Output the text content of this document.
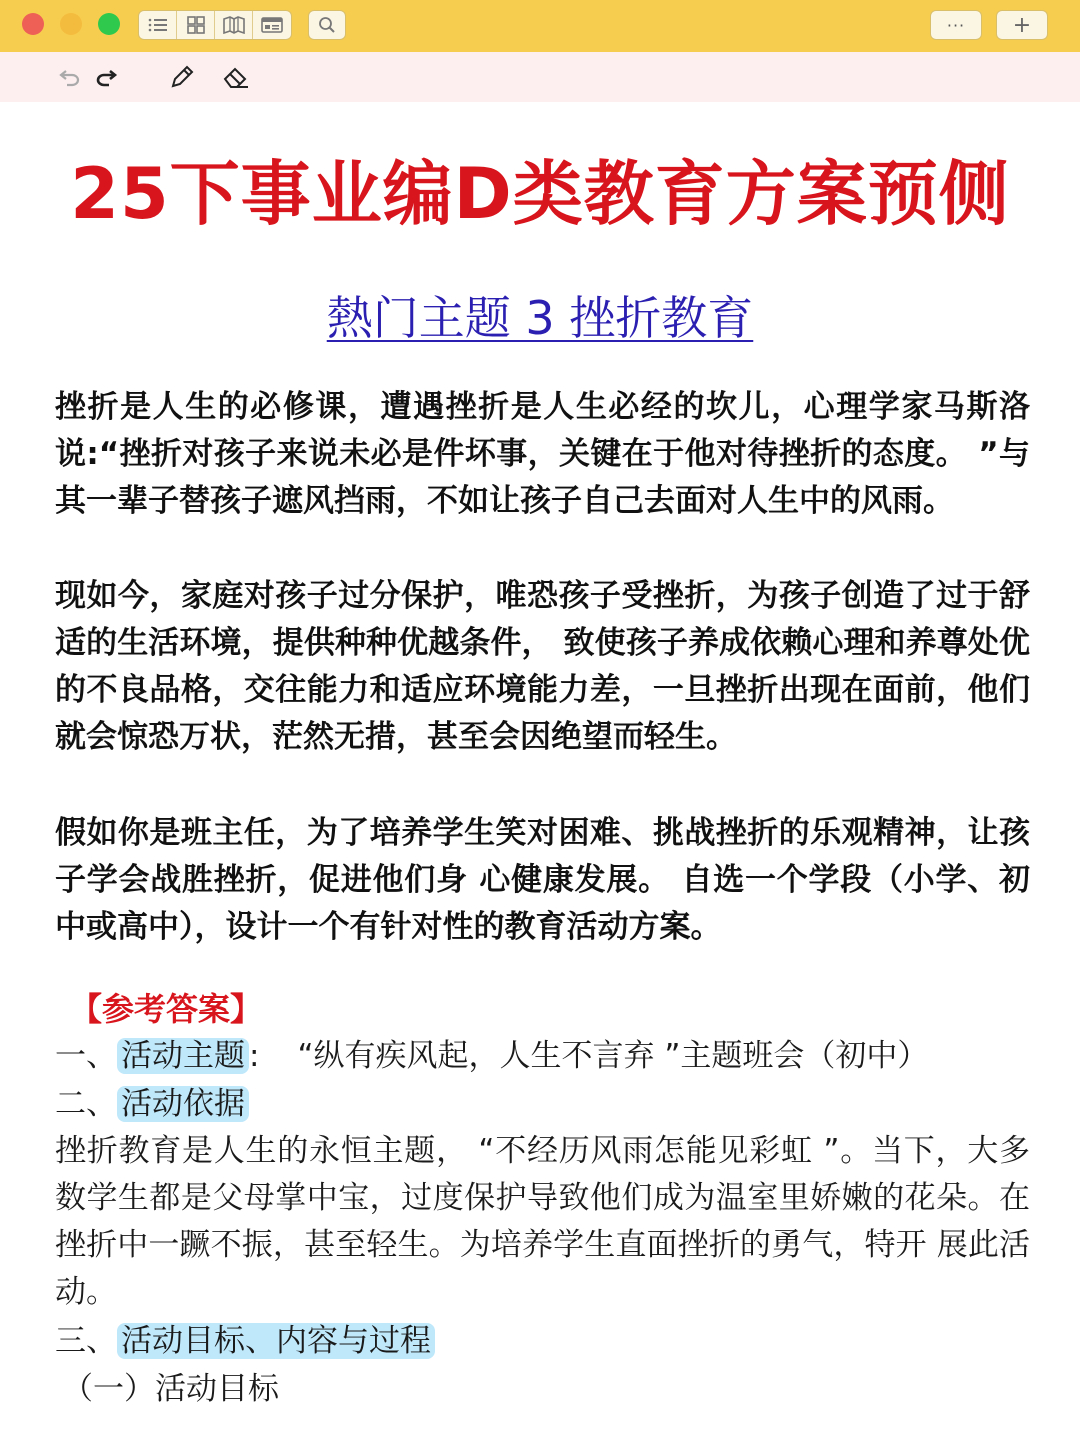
···	+
25下事业编D类教育方案预侧
熱门主题 3 挫折教育

挫折是人生的必修课，遭遇挫折是人生必经的坎儿，心理学家马斯洛说:“挫折对孩子来说未必是件坏事，关键在于他对待挫折的态度。 ”与其一辈子替孩子遮风挡雨，不如让孩子自己去面对人生中的风雨。

现如今，家庭对孩子过分保护，唯恐孩子受挫折，为孩子创造了过于舒适的生活环境，提供种种优越条件， 致使孩子养成依赖心理和养尊处优的不良品格，交往能力和适应环境能力差，一旦挫折出现在面前，他们 就会惊恐万状，茫然无措，甚至会因绝望而轻生。

假如你是班主任，为了培养学生笑对困难、挑战挫折的乐观精神，让孩子学会战胜挫折，促进他们身 心健康发展。 自选一个学段（小学、初中或高中），设计一个有针对性的教育活动方案。

【参考答案】
一、 活动主题 : “纵有疾风起，人生不言弃 ”主题班会（初中）
二、 活动依据

挫折教育是人生的永恒主题， “不经历风雨怎能见彩虹 ”。当下，大多数学生都是父母掌中宝，过度保护导致他们成为温室里娇嫩的花朵。在挫折中一蹶不振，甚至轻生。为培养学生直面挫折的勇气，特开 展此活动。

三、 活动目标、内容与过程
（一）活动目标
